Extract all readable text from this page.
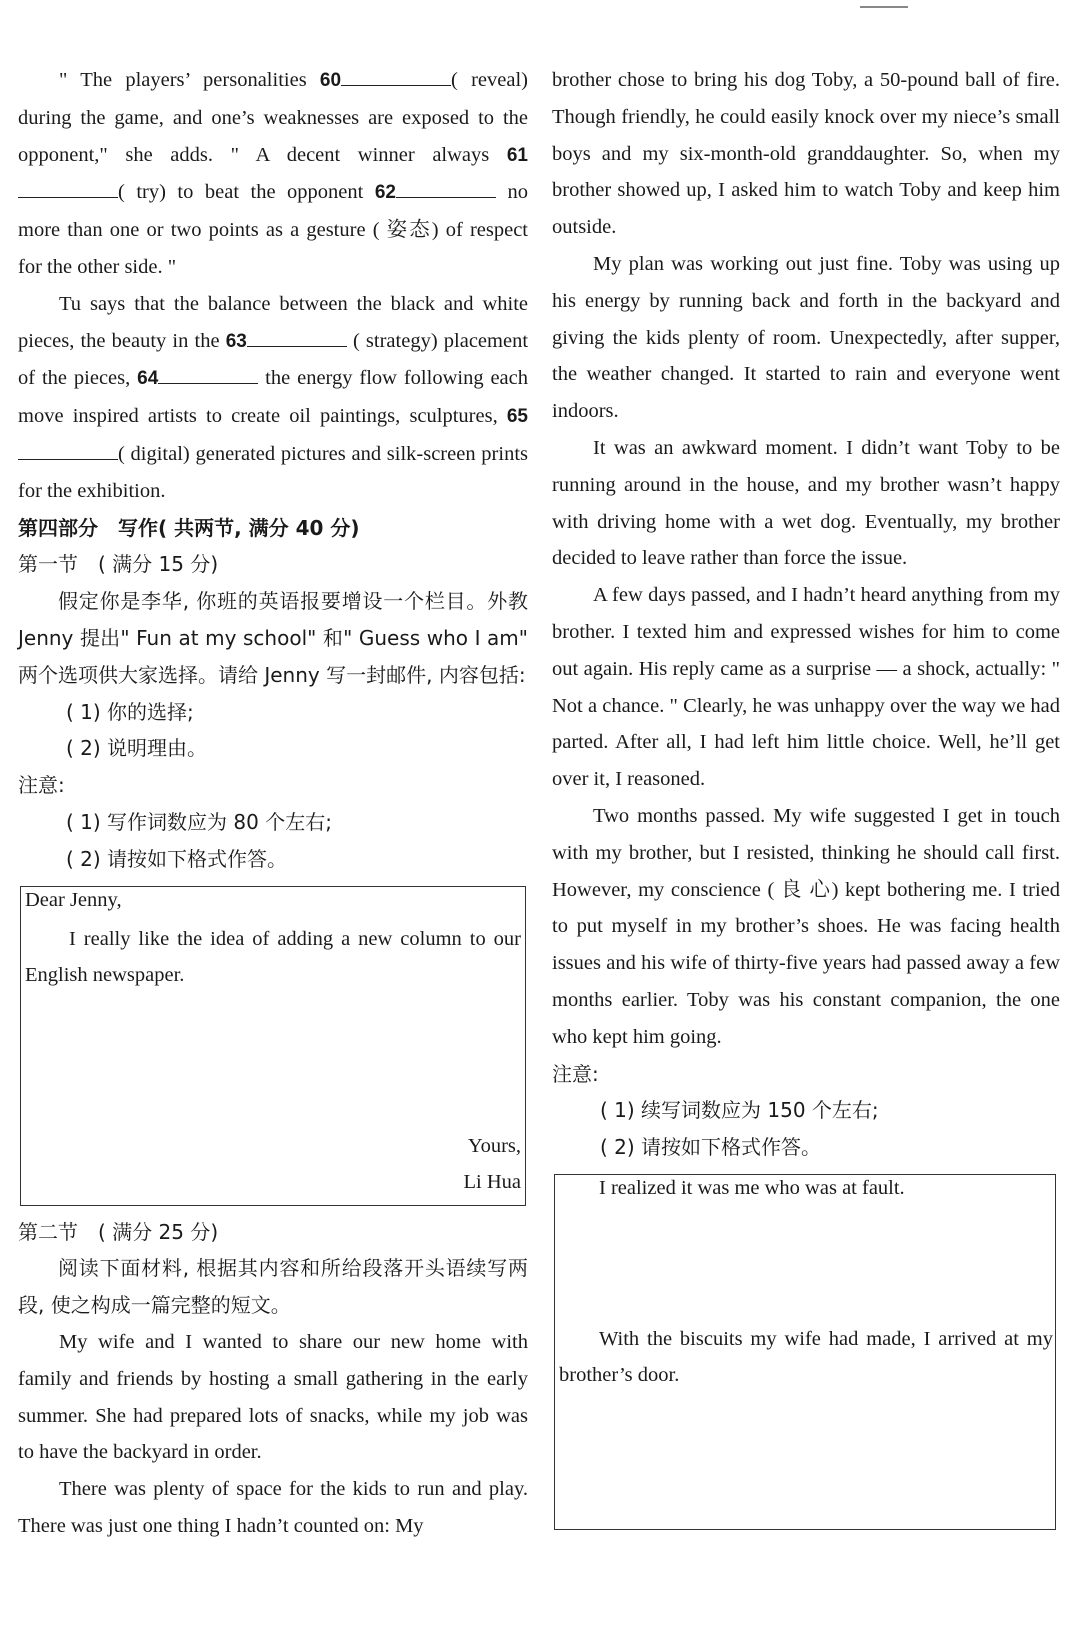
" The players’ personalities 60	( reveal) during the game, and one’s weaknesses are exposed to the opponent," she adds. " A decent winner always 61( try) to beat the opponent 62	no more than one or two points as a gesture ( 姿态) of respect for the other side. "

Tu says that the balance between the black and white pieces, the beauty in the 63	( strategy) placement of the pieces, 64	the energy flow following each move inspired artists to create oil paintings, sculptures, 65( digital) generated pictures and silk-screen prints for the exhibition.

第四部分　写作( 共两节, 满分 40 分)

第一节　( 满分 15 分)

假定你是李华, 你班的英语报要增设一个栏目。外教 Jenny 提出" Fun at my school" 和" Guess who I am" 两个选项供大家选择。请给 Jenny 写一封邮件, 内容包括:

( 1) 你的选择;

( 2) 说明理由。

注意:

( 1) 写作词数应为 80 个左右;

( 2) 请按如下格式作答。

Dear Jenny,
I really like the idea of adding a new column to our English newspaper.
Yours,
Li Hua

第二节　( 满分 25 分)

阅读下面材料, 根据其内容和所给段落开头语续写两段, 使之构成一篇完整的短文。

My wife and I wanted to share our new home with family and friends by hosting a small gathering in the early summer. She had prepared lots of snacks, while my job was to have the backyard in order.

There was plenty of space for the kids to run and play. There was just one thing I hadn’t counted on: My

brother chose to bring his dog Toby, a 50-pound ball of fire. Though friendly, he could easily knock over my niece’s small boys and my six-month-old granddaughter. So, when my brother showed up, I asked him to watch Toby and keep him outside.

My plan was working out just fine. Toby was using up his energy by running back and forth in the backyard and giving the kids plenty of room. Unexpectedly, after supper, the weather changed. It started to rain and everyone went indoors.

It was an awkward moment. I didn’t want Toby to be running around in the house, and my brother wasn’t happy with driving home with a wet dog. Eventually, my brother decided to leave rather than force the issue.

A few days passed, and I hadn’t heard anything from my brother. I texted him and expressed wishes for him to come out again. His reply came as a surprise — a shock, actually: " Not a chance. " Clearly, he was unhappy over the way we had parted. After all, I had left him little choice. Well, he’ll get over it, I reasoned.

Two months passed. My wife suggested I get in touch with my brother, but I resisted, thinking he should call first. However, my conscience ( 良 心) kept bothering me. I tried to put myself in my brother’s shoes. He was facing health issues and his wife of thirty-five years had passed away a few months earlier. Toby was his constant companion, the one who kept him going.

注意:

( 1) 续写词数应为 150 个左右;

( 2) 请按如下格式作答。

I realized it was me who was at fault.
With the biscuits my wife had made, I arrived at my brother’s door.
